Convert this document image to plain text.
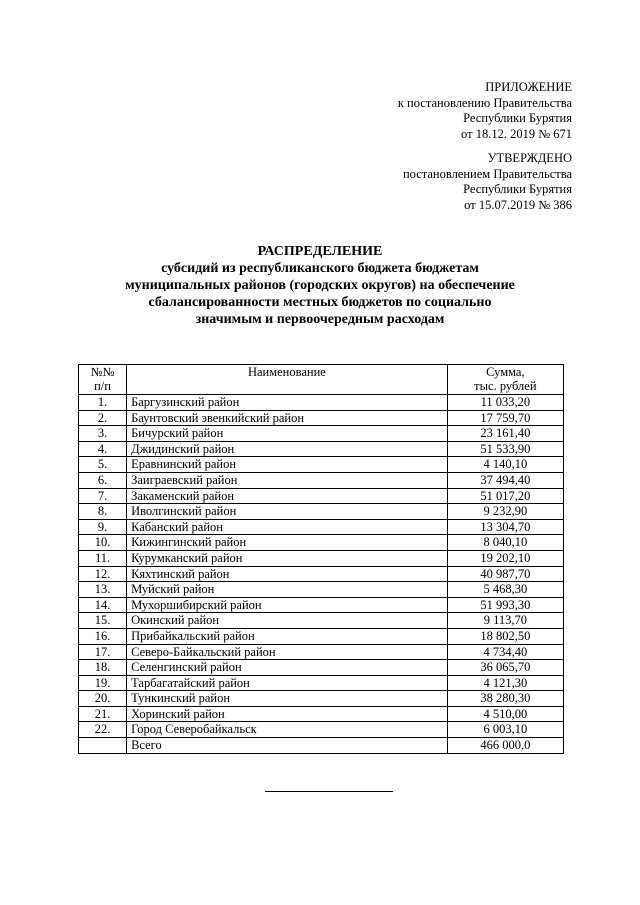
ПРИЛОЖЕНИЕ
к постановлению Правительства
Республики Бурятия
от 18.12. 2019 № 671
УТВЕРЖДЕНО
постановлением Правительства
Республики Бурятия
от 15.07.2019 № 386
РАСПРЕДЕЛЕНИЕ
субсидий из республиканского бюджета бюджетам
муниципальных районов (городских округов) на обеспечение
сбалансированности местных бюджетов по социально
значимым и первоочередным расходам
№№
п/п	Наименование	Сумма,
тыс. рублей
1.	Баргузинский район	11 033,20
2.	Баунтовский эвенкийский район	17 759,70
3.	Бичурский район	23 161,40
4.	Джидинский район	51 533,90
5.	Еравнинский район	4 140,10
6.	Заиграевский район	37 494,40
7.	Закаменский район	51 017,20
8.	Иволгинский район	9 232,90
9.	Кабанский район	13 304,70
10.	Кижингинский район	8 040,10
11.	Курумканский район	19 202,10
12.	Кяхтинский район	40 987,70
13.	Муйский район	5 468,30
14.	Мухоршибирский район	51 993,30
15.	Окинский район	9 113,70
16.	Прибайкальский район	18 802,50
17.	Северо-Байкальский район	4 734,40
18.	Селенгинский район	36 065,70
19.	Тарбагатайский район	4 121,30
20.	Тункинский район	38 280,30
21.	Хоринский район	4 510,00
22.	Город Северобайкальск	6 003,10
	Всего	466 000,0
